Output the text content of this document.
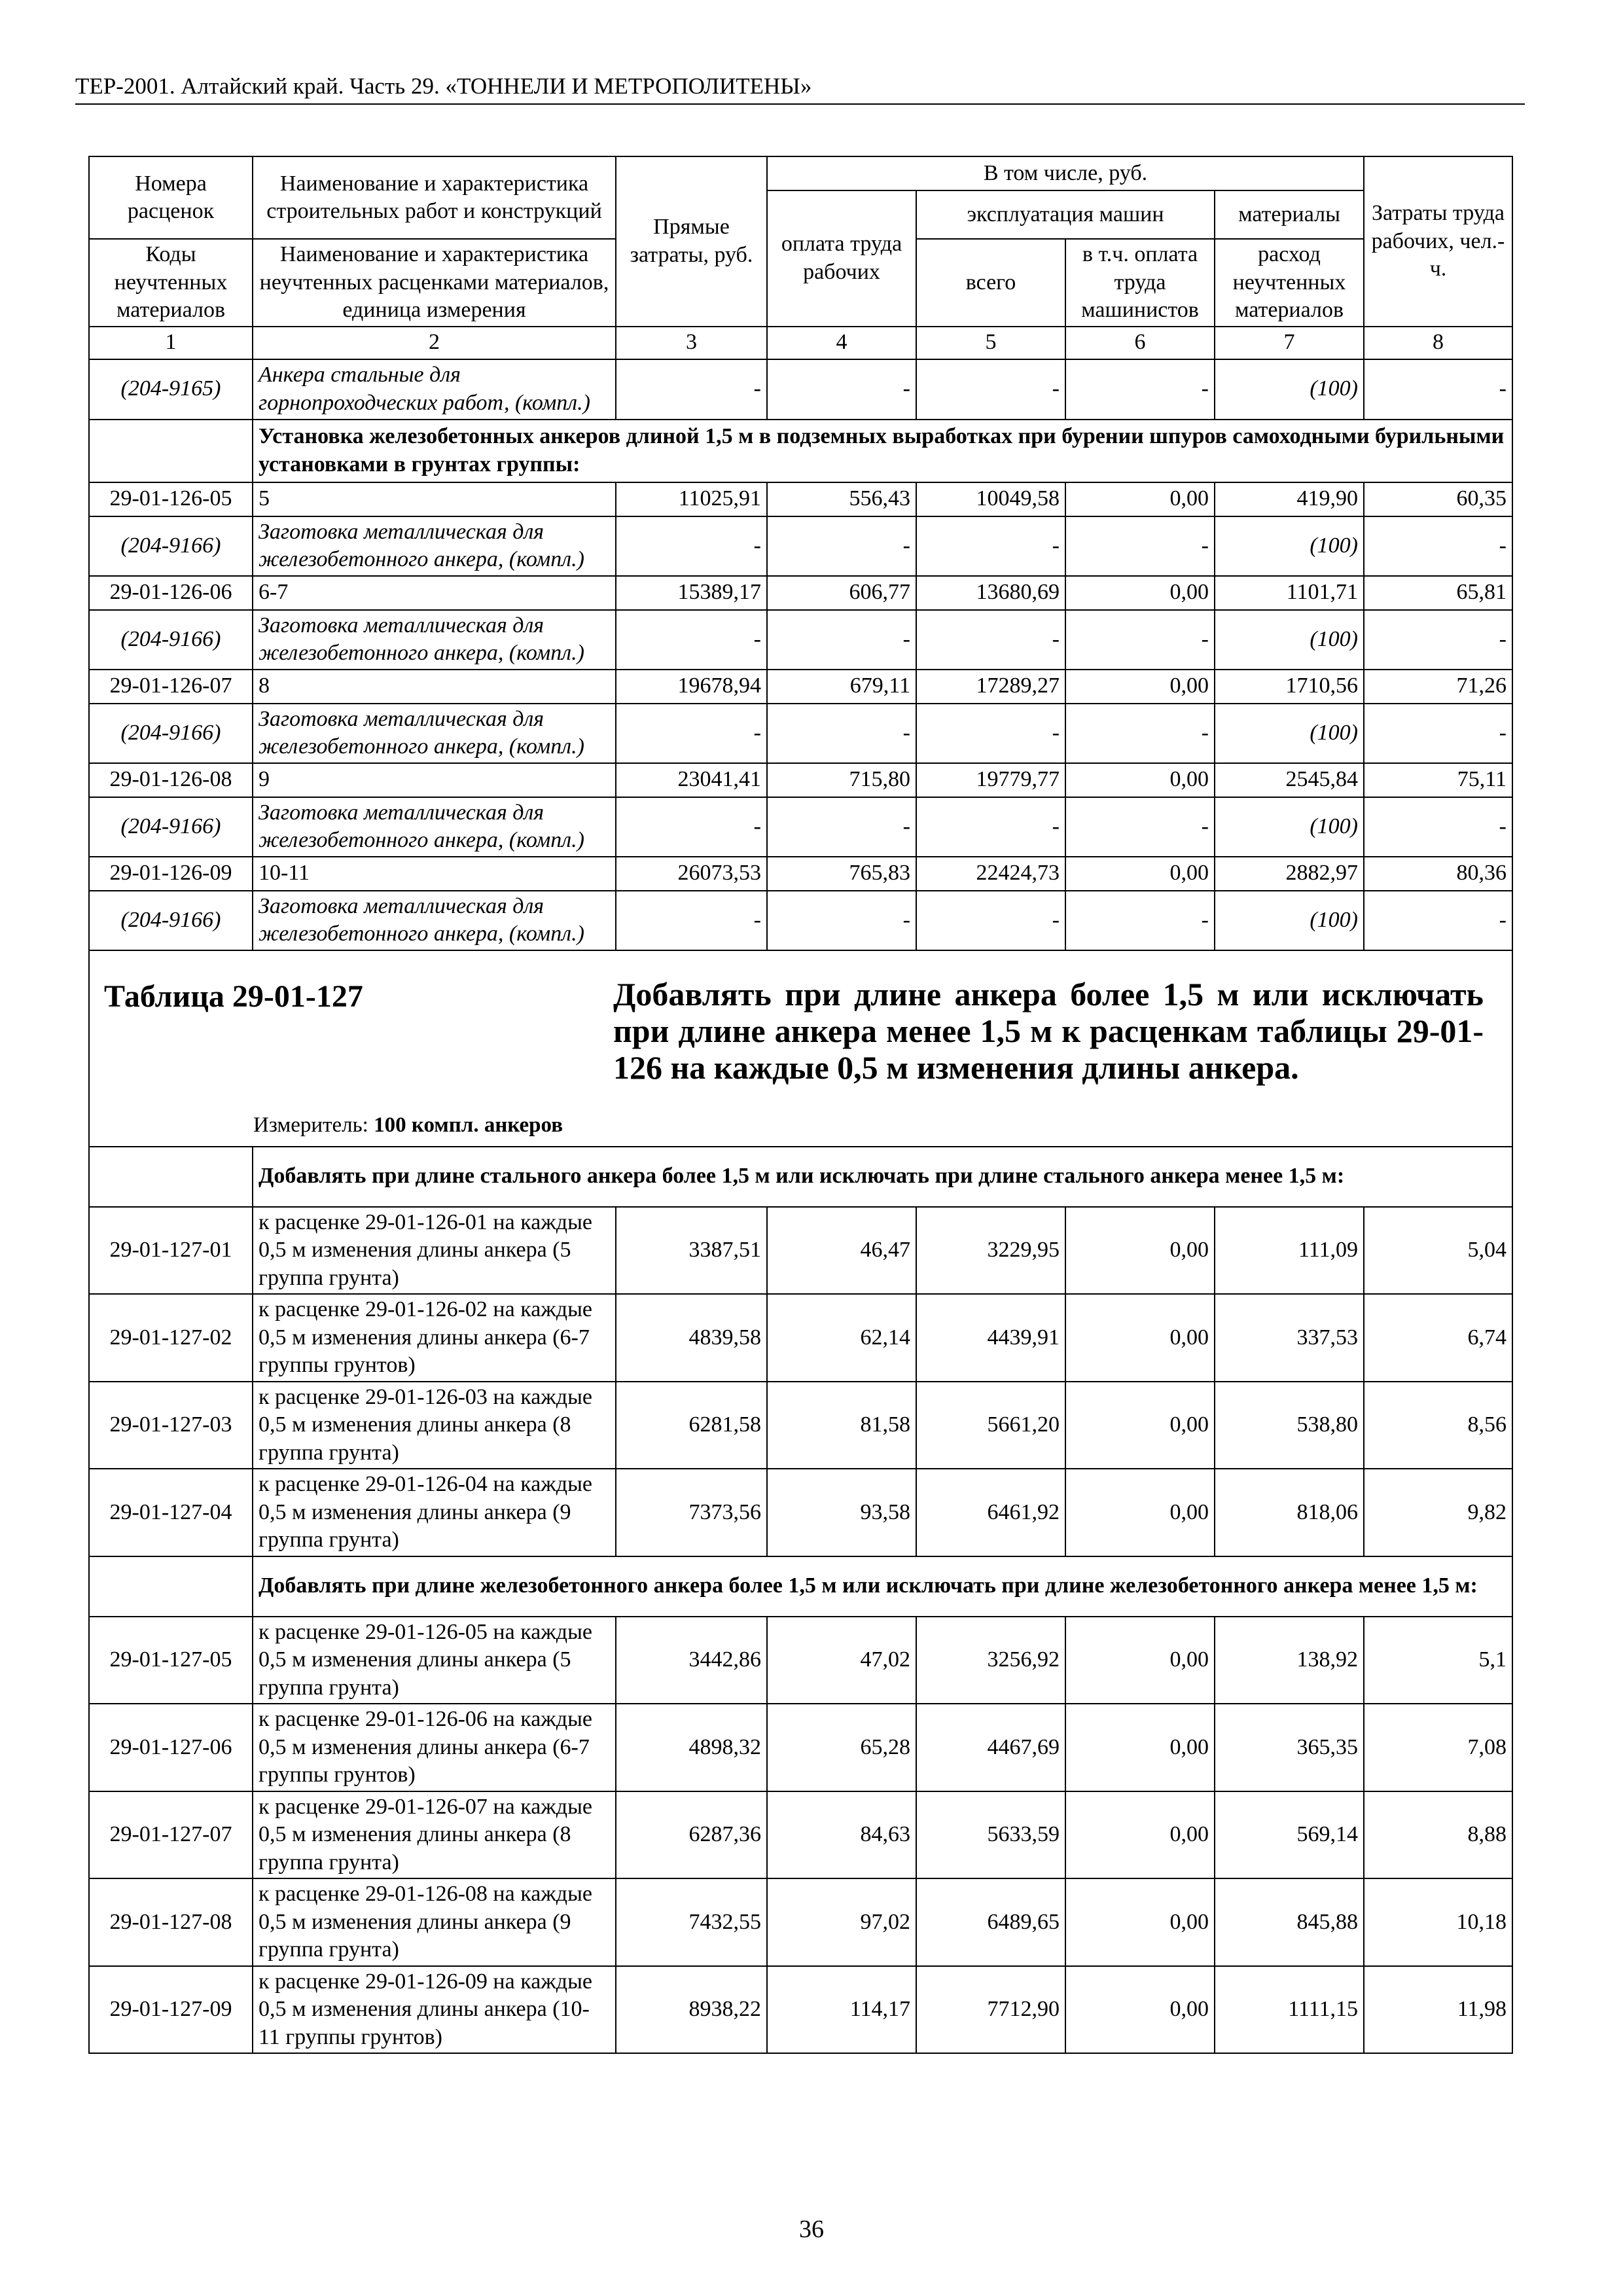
ТЕР-2001. Алтайский край. Часть 29. «ТОННЕЛИ И МЕТРОПОЛИТЕНЫ»
Номера расценок	Наименование и характеристика строительных работ и конструкций	Прямые затраты, руб.	В том числе, руб.				Затраты труда рабочих, чел.-ч.
			оплата труда рабочих	эксплуатация машин		материалы	
Коды неучтенных материалов	Наименование и характеристика неучтенных расценками материалов, единица измерения			всего	в т.ч. оплата труда машинистов	расход неучтенных материалов	
1	2	3	4	5	6	7	8
(204-9165)	Анкера стальные для горнопроходческих работ, (компл.)	-	-	-	-	(100)	-
	Установка железобетонных анкеров длиной 1,5 м в подземных выработках при бурении шпуров самоходными бурильными установками в грунтах группы:						
29-01-126-05	5	11025,91	556,43	10049,58	0,00	419,90	60,35
(204-9166)	Заготовка металлическая для железобетонного анкера, (компл.)	-	-	-	-	(100)	-
29-01-126-06	6-7	15389,17	606,77	13680,69	0,00	1101,71	65,81
(204-9166)	Заготовка металлическая для железобетонного анкера, (компл.)	-	-	-	-	(100)	-
29-01-126-07	8	19678,94	679,11	17289,27	0,00	1710,56	71,26
(204-9166)	Заготовка металлическая для железобетонного анкера, (компл.)	-	-	-	-	(100)	-
29-01-126-08	9	23041,41	715,80	19779,77	0,00	2545,84	75,11
(204-9166)	Заготовка металлическая для железобетонного анкера, (компл.)	-	-	-	-	(100)	-
29-01-126-09	10-11	26073,53	765,83	22424,73	0,00	2882,97	80,36
(204-9166)	Заготовка металлическая для железобетонного анкера, (компл.)	-	-	-	-	(100)	-

Таблица 29-01-127 Добавлять при длине анкера более 1,5 м или исключать при длине анкера менее 1,5 м к расценкам таблицы 29-01-126 на каждые 0,5 м изменения длины анкера.
Измеритель: 100 компл. анкеров							

	Добавлять при длине стального анкера более 1,5 м или исключать при длине стального анкера менее 1,5 м:						
29-01-127-01	к расценке 29-01-126-01 на каждые 0,5 м изменения длины анкера (5 группа грунта)	3387,51	46,47	3229,95	0,00	111,09	5,04
29-01-127-02	к расценке 29-01-126-02 на каждые 0,5 м изменения длины анкера (6-7 группы грунтов)	4839,58	62,14	4439,91	0,00	337,53	6,74
29-01-127-03	к расценке 29-01-126-03 на каждые 0,5 м изменения длины анкера (8 группа грунта)	6281,58	81,58	5661,20	0,00	538,80	8,56
29-01-127-04	к расценке 29-01-126-04 на каждые 0,5 м изменения длины анкера (9 группа грунта)	7373,56	93,58	6461,92	0,00	818,06	9,82
	Добавлять при длине железобетонного анкера более 1,5 м или исключать при длине железобетонного анкера менее 1,5 м:						
29-01-127-05	к расценке 29-01-126-05 на каждые 0,5 м изменения длины анкера (5 группа грунта)	3442,86	47,02	3256,92	0,00	138,92	5,1
29-01-127-06	к расценке 29-01-126-06 на каждые 0,5 м изменения длины анкера (6-7 группы грунтов)	4898,32	65,28	4467,69	0,00	365,35	7,08
29-01-127-07	к расценке 29-01-126-07 на каждые 0,5 м изменения длины анкера (8 группа грунта)	6287,36	84,63	5633,59	0,00	569,14	8,88
29-01-127-08	к расценке 29-01-126-08 на каждые 0,5 м изменения длины анкера (9 группа грунта)	7432,55	97,02	6489,65	0,00	845,88	10,18
29-01-127-09	к расценке 29-01-126-09 на каждые 0,5 м изменения длины анкера (10-11 группы грунтов)	8938,22	114,17	7712,90	0,00	1111,15	11,98
36
